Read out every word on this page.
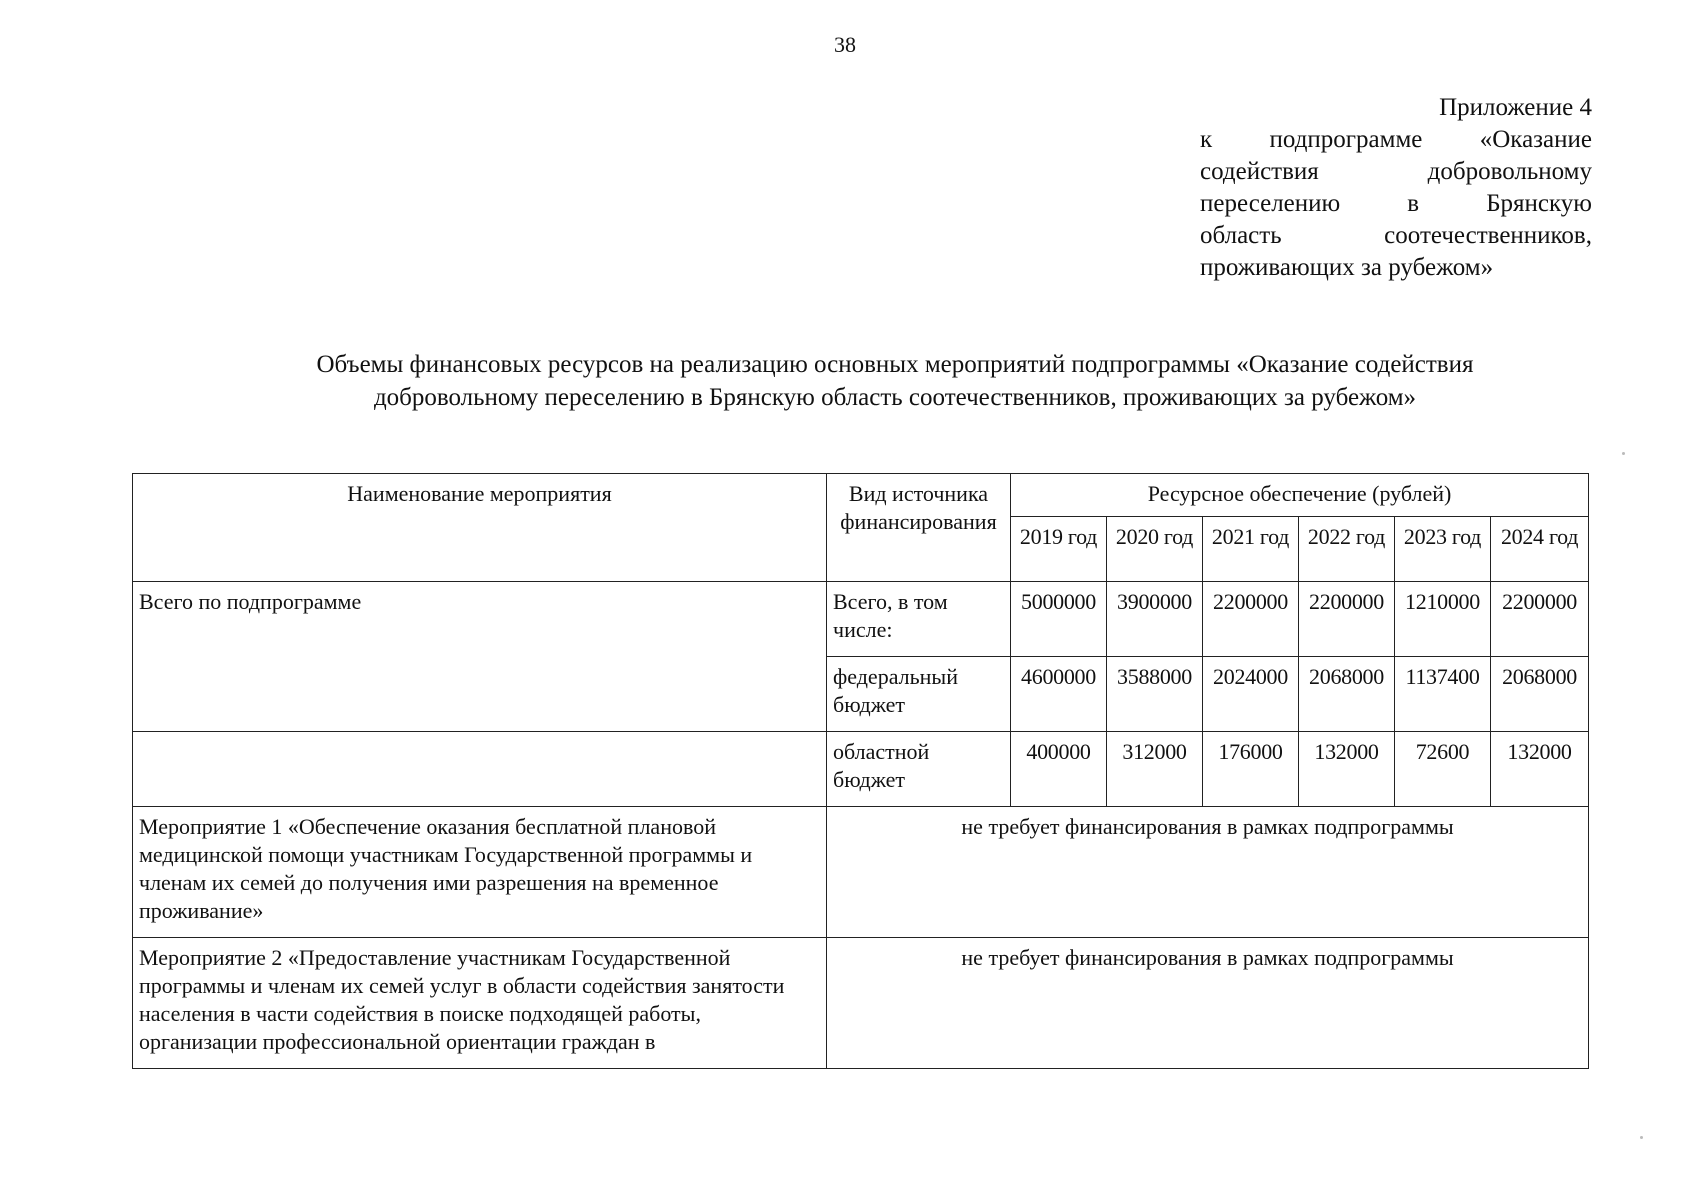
38
Приложение 4
к подпрограмме «Оказание
содействия добровольному
переселению в Брянскую
область соотечественников,
проживающих за рубежом»
Объемы финансовых ресурсов на реализацию основных мероприятий подпрограммы «Оказание содействия
добровольному переселению в Брянскую область соотечественников, проживающих за рубежом»
Наименование мероприятия	Вид источника финансирования	Ресурсное обеспечение (рублей)					
		2019 год	2020 год	2021 год	2022 год	2023 год	2024 год
Всего по подпрограмме	Всего, в том числе:	5000000	3900000	2200000	2200000	1210000	2200000
	федеральный бюджет	4600000	3588000	2024000	2068000	1137400	2068000
	областной бюджет	400000	312000	176000	132000	72600	132000
Мероприятие 1 «Обеспечение оказания бесплатной плановой медицинской помощи участникам Государственной программы и членам их семей до получения ими разрешения на временное проживание»	не требует финансирования в рамках подпрограммы						
Мероприятие 2 «Предоставление участникам Государственной программы и членам их семей услуг в области содействия занятости населения в части содействия в поиске подходящей работы, организации профессиональной ориентации граждан в	не требует финансирования в рамках подпрограммы						
